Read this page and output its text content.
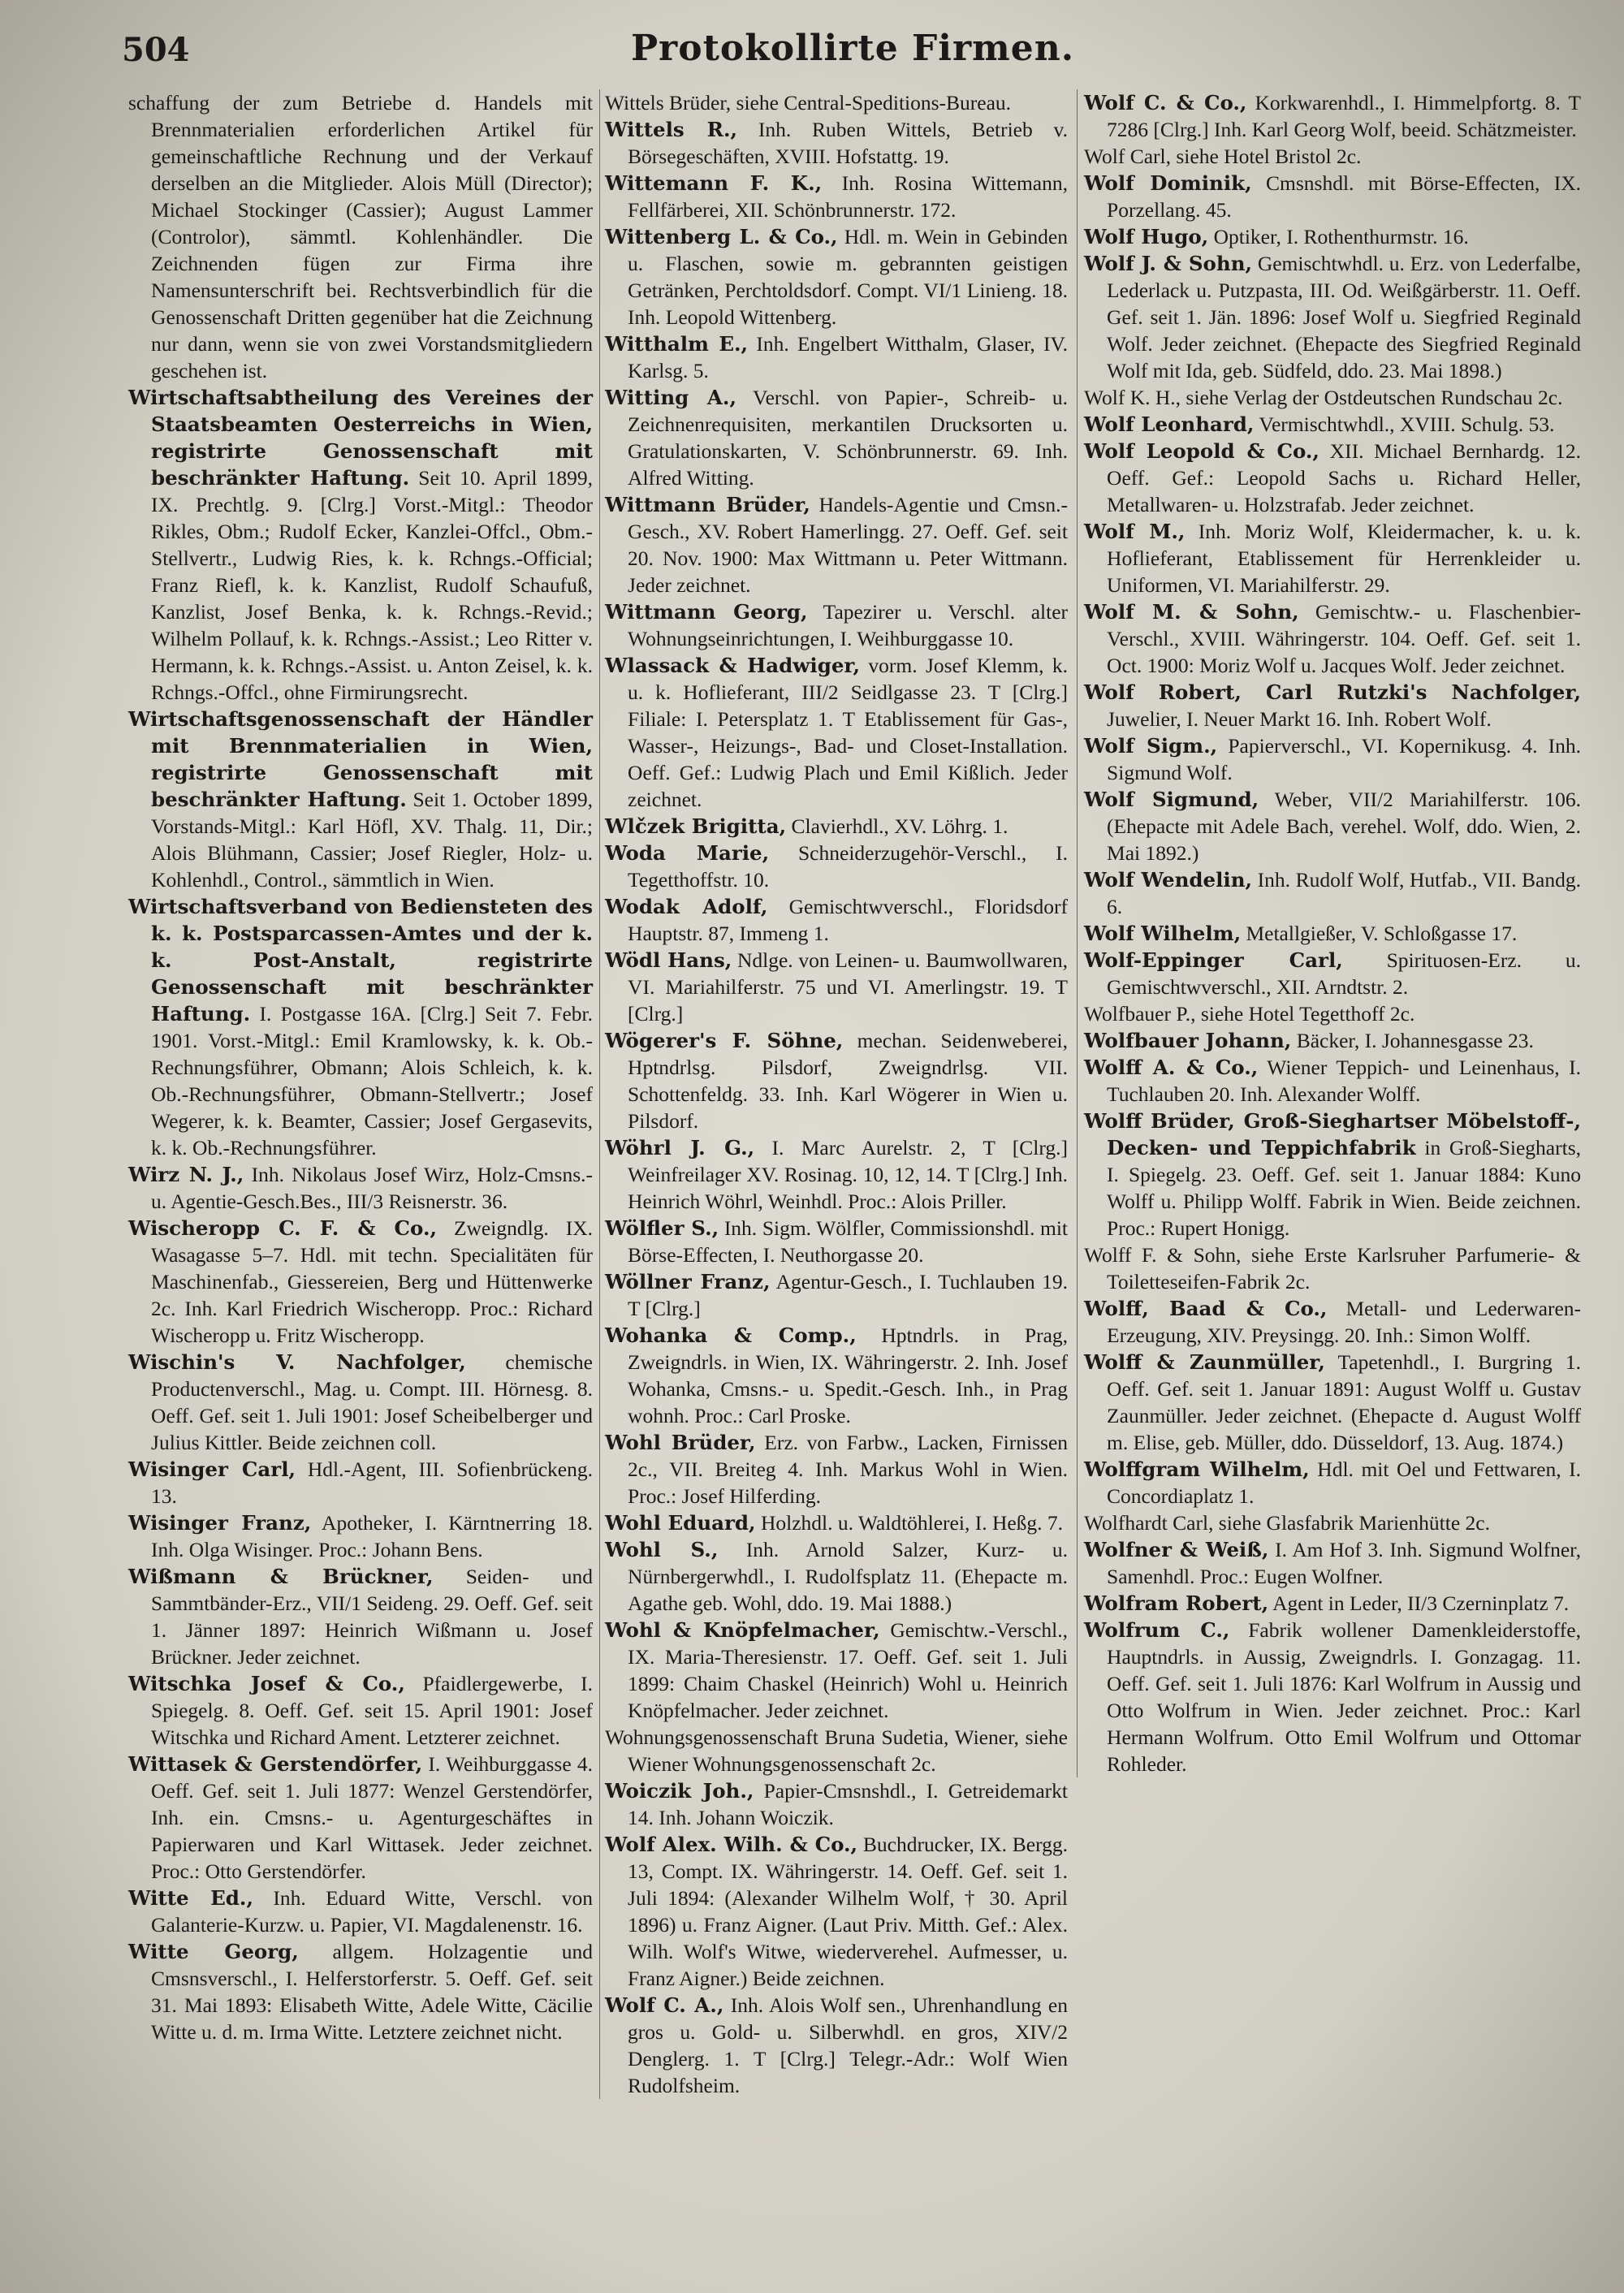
504	Protokollirte Firmen.

schaffung der zum Betriebe d. Handels mit Brennmaterialien erforderlichen Artikel für gemeinschaftliche Rechnung und der Verkauf derselben an die Mitglieder. Alois Müll (Director); Michael Stockinger (Cassier); August Lammer (Controlor), sämmtl. Kohlenhändler. Die Zeichnenden fügen zur Firma ihre Namensunterschrift bei. Rechtsverbindlich für die Genossenschaft Dritten gegenüber hat die Zeichnung nur dann, wenn sie von zwei Vorstandsmitgliedern geschehen ist.

Wirtschaftsabtheilung des Vereines der Staatsbeamten Oesterreichs in Wien, registrirte Genossenschaft mit beschränkter Haftung. Seit 10. April 1899, IX. Prechtlg. 9. [Clrg.] Vorst.-Mitgl.: Theodor Rikles, Obm.; Rudolf Ecker, Kanzlei-Offcl., Obm.-Stellvertr., Ludwig Ries, k. k. Rchngs.-Official; Franz Riefl, k. k. Kanzlist, Rudolf Schaufuß, Kanzlist, Josef Benka, k. k. Rchngs.-Revid.; Wilhelm Pollauf, k. k. Rchngs.-Assist.; Leo Ritter v. Hermann, k. k. Rchngs.-Assist. u. Anton Zeisel, k. k. Rchngs.-Offcl., ohne Firmirungsrecht.

Wirtschaftsgenossenschaft der Händler mit Brennmaterialien in Wien, registrirte Genossenschaft mit beschränkter Haftung. Seit 1. October 1899, Vorstands-Mitgl.: Karl Höfl, XV. Thalg. 11, Dir.; Alois Blühmann, Cassier; Josef Riegler, Holz- u. Kohlenhdl., Control., sämmtlich in Wien.

Wirtschaftsverband von Bediensteten des k. k. Postsparcassen-Amtes und der k. k. Post-Anstalt, registrirte Genossenschaft mit beschränkter Haftung. I. Postgasse 16A. [Clrg.] Seit 7. Febr. 1901. Vorst.-Mitgl.: Emil Kramlowsky, k. k. Ob.-Rechnungsführer, Obmann; Alois Schleich, k. k. Ob.-Rechnungsführer, Obmann-Stellvertr.; Josef Wegerer, k. k. Beamter, Cassier; Josef Gergasevits, k. k. Ob.-Rechnungsführer.

Wirz N. J., Inh. Nikolaus Josef Wirz, Holz-Cmsns.- u. Agentie-Gesch.Bes., III/3 Reisnerstr. 36.

Wischeropp C. F. & Co., Zweigndlg. IX. Wasagasse 5–7. Hdl. mit techn. Specialitäten für Maschinenfab., Giessereien, Berg und Hüttenwerke 2c. Inh. Karl Friedrich Wischeropp. Proc.: Richard Wischeropp u. Fritz Wischeropp.

Wischin's V. Nachfolger, chemische Productenverschl., Mag. u. Compt. III. Hörnesg. 8. Oeff. Gef. seit 1. Juli 1901: Josef Scheibelberger und Julius Kittler. Beide zeichnen coll.

Wisinger Carl, Hdl.-Agent, III. Sofienbrückeng. 13.

Wisinger Franz, Apotheker, I. Kärntnerring 18. Inh. Olga Wisinger. Proc.: Johann Bens.

Wißmann & Brückner, Seiden- und Sammtbänder-Erz., VII/1 Seideng. 29. Oeff. Gef. seit 1. Jänner 1897: Heinrich Wißmann u. Josef Brückner. Jeder zeichnet.

Witschka Josef & Co., Pfaidlergewerbe, I. Spiegelg. 8. Oeff. Gef. seit 15. April 1901: Josef Witschka und Richard Ament. Letzterer zeichnet.

Wittasek & Gerstendörfer, I. Weihburggasse 4. Oeff. Gef. seit 1. Juli 1877: Wenzel Gerstendörfer, Inh. ein. Cmsns.- u. Agenturgeschäftes in Papierwaren und Karl Wittasek. Jeder zeichnet. Proc.: Otto Gerstendörfer.

Witte Ed., Inh. Eduard Witte, Verschl. von Galanterie-Kurzw. u. Papier, VI. Magdalenenstr. 16.

Witte Georg, allgem. Holzagentie und Cmsnsverschl., I. Helferstorferstr. 5. Oeff. Gef. seit 31. Mai 1893: Elisabeth Witte, Adele Witte, Cäcilie Witte u. d. m. Irma Witte. Letztere zeichnet nicht.

Wittels Brüder, siehe Central-Speditions-Bureau.

Wittels R., Inh. Ruben Wittels, Betrieb v. Börsegeschäften, XVIII. Hofstattg. 19.

Wittemann F. K., Inh. Rosina Wittemann, Fellfärberei, XII. Schönbrunnerstr. 172.

Wittenberg L. & Co., Hdl. m. Wein in Gebinden u. Flaschen, sowie m. gebrannten geistigen Getränken, Perchtoldsdorf. Compt. VI/1 Linieng. 18. Inh. Leopold Wittenberg.

Witthalm E., Inh. Engelbert Witthalm, Glaser, IV. Karlsg. 5.

Witting A., Verschl. von Papier-, Schreib- u. Zeichnenrequisiten, merkantilen Drucksorten u. Gratulationskarten, V. Schönbrunnerstr. 69. Inh. Alfred Witting.

Wittmann Brüder, Handels-Agentie und Cmsn.-Gesch., XV. Robert Hamerlingg. 27. Oeff. Gef. seit 20. Nov. 1900: Max Wittmann u. Peter Wittmann. Jeder zeichnet.

Wittmann Georg, Tapezirer u. Verschl. alter Wohnungseinrichtungen, I. Weihburggasse 10.

Wlassack & Hadwiger, vorm. Josef Klemm, k. u. k. Hoflieferant, III/2 Seidlgasse 23. T [Clrg.] Filiale: I. Petersplatz 1. T Etablissement für Gas-, Wasser-, Heizungs-, Bad- und Closet-Installation. Oeff. Gef.: Ludwig Plach und Emil Kißlich. Jeder zeichnet.

Wlčzek Brigitta, Clavierhdl., XV. Löhrg. 1.

Woda Marie, Schneiderzugehör-Verschl., I. Tegetthoffstr. 10.

Wodak Adolf, Gemischtwverschl., Floridsdorf Hauptstr. 87, Immeng 1.

Wödl Hans, Ndlge. von Leinen- u. Baumwollwaren, VI. Mariahilferstr. 75 und VI. Amerlingstr. 19. T [Clrg.]

Wögerer's F. Söhne, mechan. Seidenweberei, Hptndrlsg. Pilsdorf, Zweigndrlsg. VII. Schottenfeldg. 33. Inh. Karl Wögerer in Wien u. Pilsdorf.

Wöhrl J. G., I. Marc Aurelstr. 2, T [Clrg.] Weinfreilager XV. Rosinag. 10, 12, 14. T [Clrg.] Inh. Heinrich Wöhrl, Weinhdl. Proc.: Alois Priller.

Wölfler S., Inh. Sigm. Wölfler, Commissionshdl. mit Börse-Effecten, I. Neuthorgasse 20.

Wöllner Franz, Agentur-Gesch., I. Tuchlauben 19. T [Clrg.]

Wohanka & Comp., Hptndrls. in Prag, Zweigndrls. in Wien, IX. Währingerstr. 2. Inh. Josef Wohanka, Cmsns.- u. Spedit.-Gesch. Inh., in Prag wohnh. Proc.: Carl Proske.

Wohl Brüder, Erz. von Farbw., Lacken, Firnissen 2c., VII. Breiteg 4. Inh. Markus Wohl in Wien. Proc.: Josef Hilferding.

Wohl Eduard, Holzhdl. u. Waldtöhlerei, I. Heßg. 7.

Wohl S., Inh. Arnold Salzer, Kurz- u. Nürnbergerwhdl., I. Rudolfsplatz 11. (Ehepacte m. Agathe geb. Wohl, ddo. 19. Mai 1888.)

Wohl & Knöpfelmacher, Gemischtw.-Verschl., IX. Maria-Theresienstr. 17. Oeff. Gef. seit 1. Juli 1899: Chaim Chaskel (Heinrich) Wohl u. Heinrich Knöpfelmacher. Jeder zeichnet.

Wohnungsgenossenschaft Bruna Sudetia, Wiener, siehe Wiener Wohnungsgenossenschaft 2c.

Woiczik Joh., Papier-Cmsnshdl., I. Getreidemarkt 14. Inh. Johann Woiczik.

Wolf Alex. Wilh. & Co., Buchdrucker, IX. Bergg. 13, Compt. IX. Währingerstr. 14. Oeff. Gef. seit 1. Juli 1894: (Alexander Wilhelm Wolf, † 30. April 1896) u. Franz Aigner. (Laut Priv. Mitth. Gef.: Alex. Wilh. Wolf's Witwe, wiederverehel. Aufmesser, u. Franz Aigner.) Beide zeichnen.

Wolf C. A., Inh. Alois Wolf sen., Uhrenhandlung en gros u. Gold- u. Silberwhdl. en gros, XIV/2 Denglerg. 1. T [Clrg.] Telegr.-Adr.: Wolf Wien Rudolfsheim.

Wolf C. & Co., Korkwarenhdl., I. Himmelpfortg. 8. T 7286 [Clrg.] Inh. Karl Georg Wolf, beeid. Schätzmeister.

Wolf Carl, siehe Hotel Bristol 2c.

Wolf Dominik, Cmsnshdl. mit Börse-Effecten, IX. Porzellang. 45.

Wolf Hugo, Optiker, I. Rothenthurmstr. 16.

Wolf J. & Sohn, Gemischtwhdl. u. Erz. von Lederfalbe, Lederlack u. Putzpasta, III. Od. Weißgärberstr. 11. Oeff. Gef. seit 1. Jän. 1896: Josef Wolf u. Siegfried Reginald Wolf. Jeder zeichnet. (Ehepacte des Siegfried Reginald Wolf mit Ida, geb. Südfeld, ddo. 23. Mai 1898.)

Wolf K. H., siehe Verlag der Ostdeutschen Rundschau 2c.

Wolf Leonhard, Vermischtwhdl., XVIII. Schulg. 53.

Wolf Leopold & Co., XII. Michael Bernhardg. 12. Oeff. Gef.: Leopold Sachs u. Richard Heller, Metallwaren- u. Holzstrafab. Jeder zeichnet.

Wolf M., Inh. Moriz Wolf, Kleidermacher, k. u. k. Hoflieferant, Etablissement für Herrenkleider u. Uniformen, VI. Mariahilferstr. 29.

Wolf M. & Sohn, Gemischtw.- u. Flaschenbier-Verschl., XVIII. Währingerstr. 104. Oeff. Gef. seit 1. Oct. 1900: Moriz Wolf u. Jacques Wolf. Jeder zeichnet.

Wolf Robert, Carl Rutzki's Nachfolger, Juwelier, I. Neuer Markt 16. Inh. Robert Wolf.

Wolf Sigm., Papierverschl., VI. Kopernikusg. 4. Inh. Sigmund Wolf.

Wolf Sigmund, Weber, VII/2 Mariahilferstr. 106. (Ehepacte mit Adele Bach, verehel. Wolf, ddo. Wien, 2. Mai 1892.)

Wolf Wendelin, Inh. Rudolf Wolf, Hutfab., VII. Bandg. 6.

Wolf Wilhelm, Metallgießer, V. Schloßgasse 17.

Wolf-Eppinger Carl, Spirituosen-Erz. u. Gemischtwverschl., XII. Arndtstr. 2.

Wolfbauer P., siehe Hotel Tegetthoff 2c.

Wolfbauer Johann, Bäcker, I. Johannesgasse 23.

Wolff A. & Co., Wiener Teppich- und Leinenhaus, I. Tuchlauben 20. Inh. Alexander Wolff.

Wolff Brüder, Groß-Sieghartser Möbelstoff-, Decken- und Teppichfabrik in Groß-Siegharts, I. Spiegelg. 23. Oeff. Gef. seit 1. Januar 1884: Kuno Wolff u. Philipp Wolff. Fabrik in Wien. Beide zeichnen. Proc.: Rupert Honigg.

Wolff F. & Sohn, siehe Erste Karlsruher Parfumerie- & Toiletteseifen-Fabrik 2c.

Wolff, Baad & Co., Metall- und Lederwaren-Erzeugung, XIV. Preysingg. 20. Inh.: Simon Wolff.

Wolff & Zaunmüller, Tapetenhdl., I. Burgring 1. Oeff. Gef. seit 1. Januar 1891: August Wolff u. Gustav Zaunmüller. Jeder zeichnet. (Ehepacte d. August Wolff m. Elise, geb. Müller, ddo. Düsseldorf, 13. Aug. 1874.)

Wolffgram Wilhelm, Hdl. mit Oel und Fettwaren, I. Concordiaplatz 1.

Wolfhardt Carl, siehe Glasfabrik Marienhütte 2c.

Wolfner & Weiß, I. Am Hof 3. Inh. Sigmund Wolfner, Samenhdl. Proc.: Eugen Wolfner.

Wolfram Robert, Agent in Leder, II/3 Czerninplatz 7.

Wolfrum C., Fabrik wollener Damenkleiderstoffe, Hauptndrls. in Aussig, Zweigndrls. I. Gonzagag. 11. Oeff. Gef. seit 1. Juli 1876: Karl Wolfrum in Aussig und Otto Wolfrum in Wien. Jeder zeichnet. Proc.: Karl Hermann Wolfrum. Otto Emil Wolfrum und Ottomar Rohleder.
